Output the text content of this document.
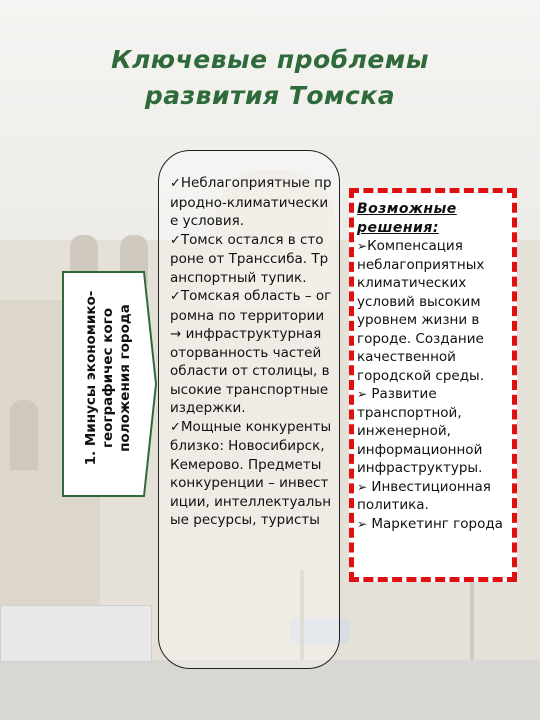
Ключевые проблемы
развития Томска
1. Минусы экономико-географичес кого положения города
✓Неблагоприятные природно-климатические условия.
✓Томск остался в стороне от Транссиба. Транспортный тупик.
✓Томская область – огромна по территории → инфраструктурная оторванность частей области от столицы, высокие транспортные издержки.
✓Мощные конкуренты близко: Новосибирск, Кемерово. Предметы конкуренции – инвестиции, интеллектуальные ресурсы, туристы
Возможные решения:
➢Компенсация неблагоприятных климатических условий высоким уровнем жизни в городе. Создание качественной городской среды.
➢ Развитие транспортной, инженерной, информационной инфраструктуры.
➢ Инвестиционная политика.
➢ Маркетинг города
